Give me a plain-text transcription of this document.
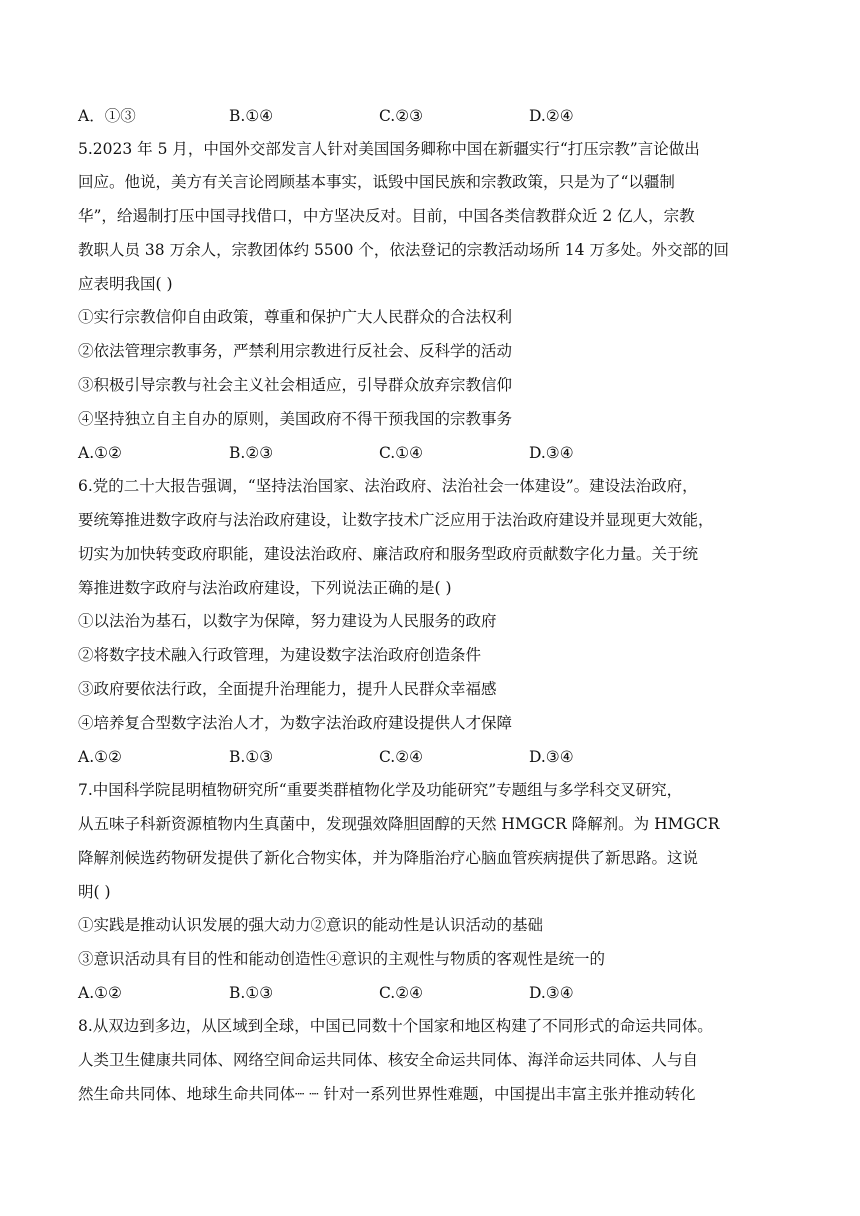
A．①③	B.①④	C.②③	D.②④
5.2023 年 5 月，中国外交部发言人针对美国国务卿称中国在新疆实行“打压宗教”言论做出
回应。他说，美方有关言论罔顾基本事实，诋毁中国民族和宗教政策，只是为了“以疆制
华”，给遏制打压中国寻找借口，中方坚决反对。目前，中国各类信教群众近 2 亿人，宗教
教职人员 38 万余人，宗教团体约 5500 个，依法登记的宗教活动场所 14 万多处。外交部的回
应表明我国( )
①实行宗教信仰自由政策，尊重和保护广大人民群众的合法权利
②依法管理宗教事务，严禁利用宗教进行反社会、反科学的活动
③积极引导宗教与社会主义社会相适应，引导群众放弃宗教信仰
④坚持独立自主自办的原则，美国政府不得干预我国的宗教事务
A.①②	B.②③	C.①④	D.③④
6.党的二十大报告强调，“坚持法治国家、法治政府、法治社会一体建设”。建设法治政府，
要统筹推进数字政府与法治政府建设，让数字技术广泛应用于法治政府建设并显现更大效能，
切实为加快转变政府职能，建设法治政府、廉洁政府和服务型政府贡献数字化力量。关于统
筹推进数字政府与法治政府建设，下列说法正确的是( )
①以法治为基石，以数字为保障，努力建设为人民服务的政府
②将数字技术融入行政管理，为建设数字法治政府创造条件
③政府要依法行政，全面提升治理能力，提升人民群众幸福感
④培养复合型数字法治人才，为数字法治政府建设提供人才保障
A.①②	B.①③	C.②④	D.③④
7.中国科学院昆明植物研究所“重要类群植物化学及功能研究”专题组与多学科交叉研究，
从五味子科新资源植物内生真菌中，发现强效降胆固醇的天然 HMGCR 降解剂。为 HMGCR
降解剂候选药物研发提供了新化合物实体，并为降脂治疗心脑血管疾病提供了新思路。这说
明( )
①实践是推动认识发展的强大动力②意识的能动性是认识活动的基础
③意识活动具有目的性和能动创造性④意识的主观性与物质的客观性是统一的
A.①②	B.①③	C.②④	D.③④
8.从双边到多边，从区域到全球，中国已同数十个国家和地区构建了不同形式的命运共同体。
人类卫生健康共同体、网络空间命运共同体、核安全命运共同体、海洋命运共同体、人与自
然生命共同体、地球生命共同体┈ ┈ 针对一系列世界性难题，中国提出丰富主张并推动转化
